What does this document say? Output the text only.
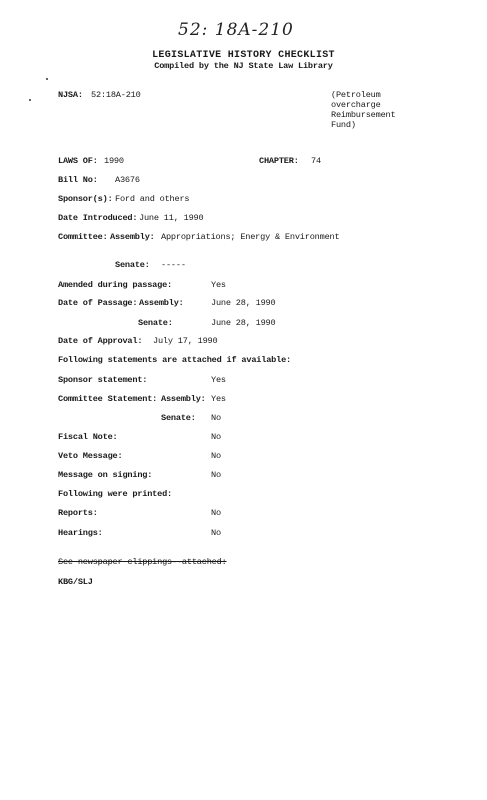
52: 18A-210
LEGISLATIVE HISTORY CHECKLIST
Compiled by the NJ State Law Library
NJSA: 52:18A-210	(Petroleum
overcharge
Reimbursement
Fund)
LAWS OF: 1990	CHAPTER: 74
Bill No: A3676
Sponsor(s): Ford and others
Date Introduced: June 11, 1990
Committee: Assembly: Appropriations; Energy & Environment
Senate: -----
Amended during passage:	Yes
Date of Passage: Assembly:	June 28, 1990
Senate:	June 28, 1990
Date of Approval: July 17, 1990
Following statements are attached if available:
Sponsor statement:	Yes
Committee Statement: Assembly: Yes
Senate: No
Fiscal Note:	No
Veto Message:	No
Message on signing:	No
Following were printed:
Reports:	No
Hearings:	No
See newspaper clippings--attached:
KBG/SLJ
